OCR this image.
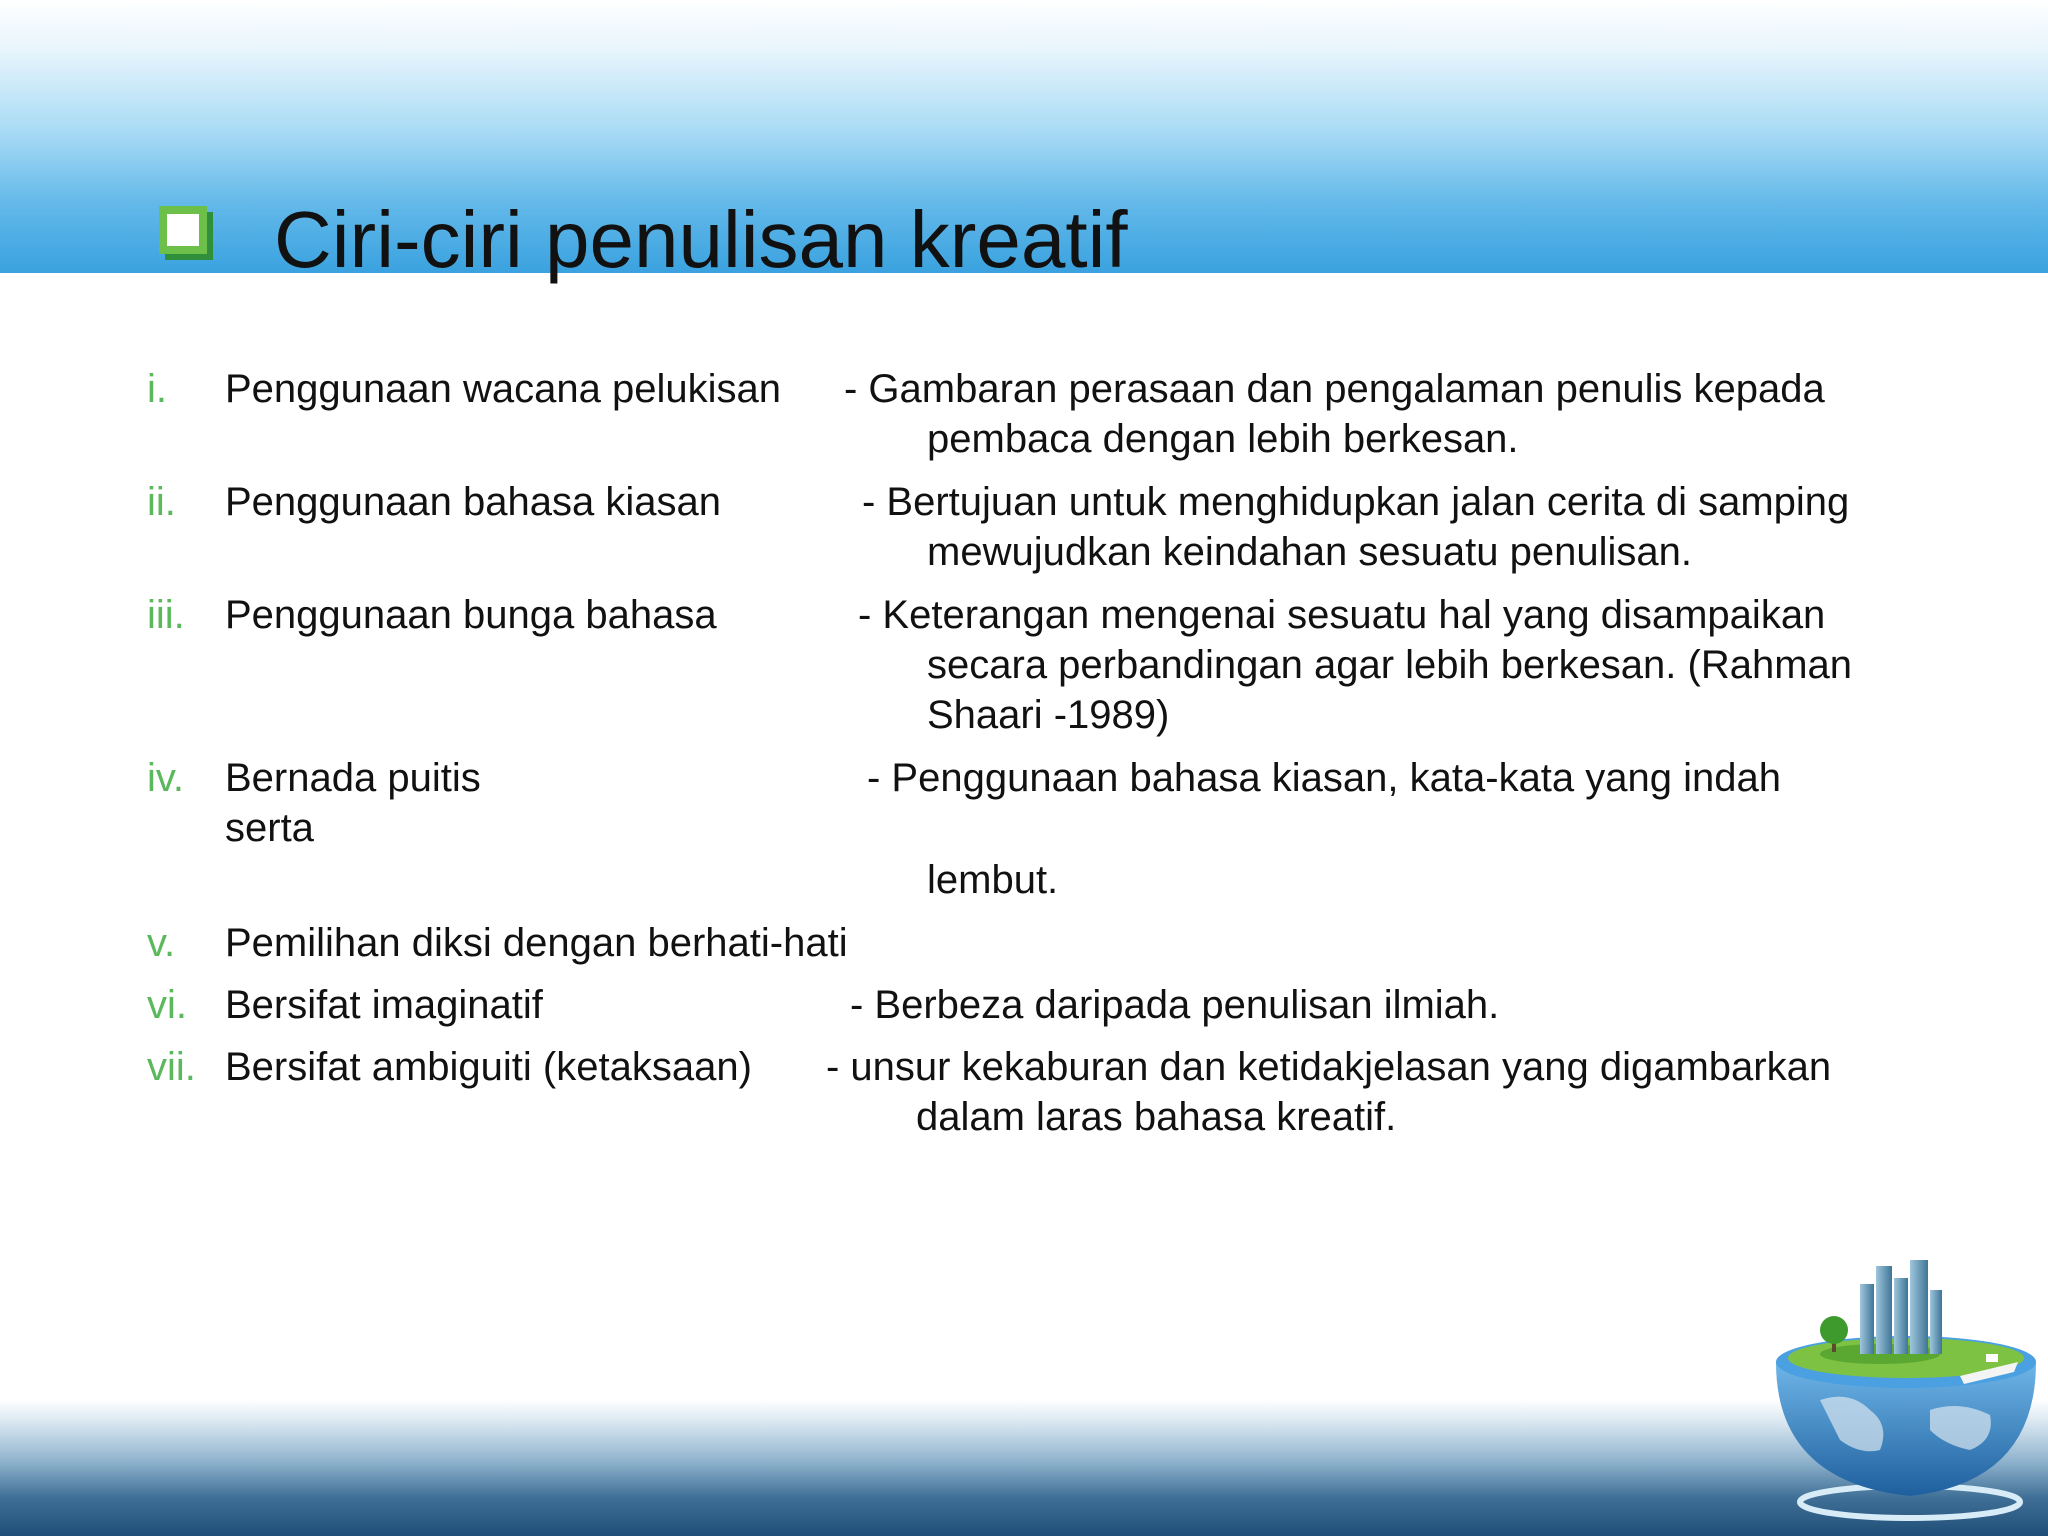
Ciri-ciri penulisan kreatif
i. Penggunaan wacana pelukisan - Gambaran perasaan dan pengalaman penulis kepada
pembaca dengan lebih berkesan.
ii. Penggunaan bahasa kiasan	- Bertujuan untuk menghidupkan jalan cerita di samping
mewujudkan keindahan sesuatu penulisan.
iii. Penggunaan bunga bahasa	- Keterangan mengenai sesuatu hal yang disampaikan
secara perbandingan agar lebih berkesan. (Rahman
Shaari -1989)
iv. Bernada puitis	- Penggunaan bahasa kiasan, kata-kata yang indah
serta
lembut.
v. Pemilihan diksi dengan berhati-hati
vi. Bersifat imaginatif	- Berbeza daripada penulisan ilmiah.
vii. Bersifat ambiguiti (ketaksaan) - unsur kekaburan dan ketidakjelasan yang digambarkan
dalam laras bahasa kreatif.
